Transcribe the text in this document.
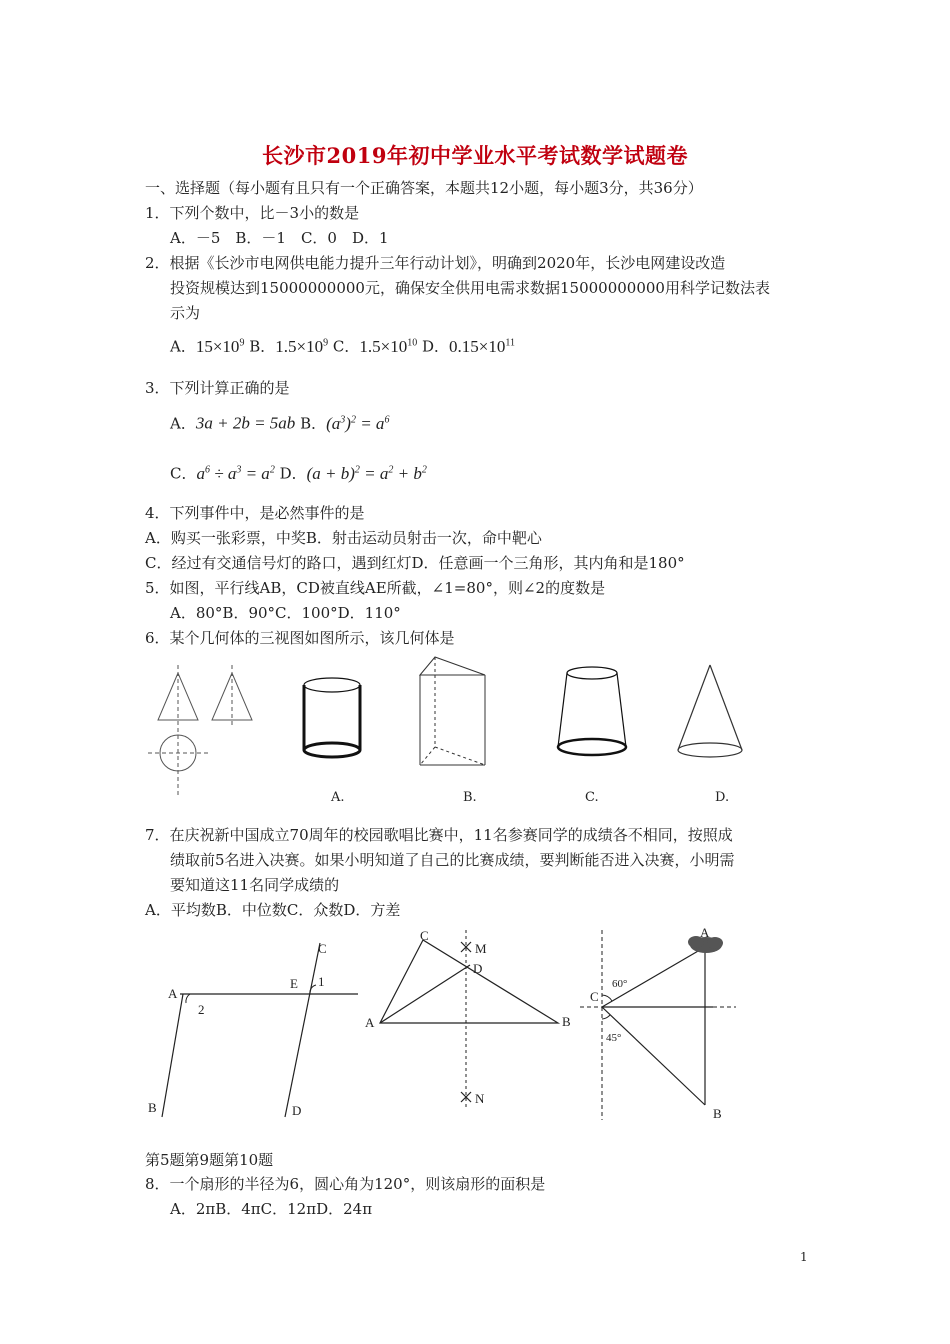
长沙市2019年初中学业水平考试数学试题卷
一、选择题（每小题有且只有一个正确答案，本题共12小题，每小题3分，共36分）
1．下列个数中，比－3小的数是
A．－5　B．－1　C．0　D．1
2．根据《长沙市电网供电能力提升三年行动计划》，明确到2020年，长沙电网建设改造
投资规模达到15000000000元，确保安全供用电需求数据15000000000用科学记数法表
示为
A．$15\times 10^9$ B．$1.5\times 10^9$ C．$1.5\times 10^{10}$ D．$0.15\times 10^{11}$
3．下列计算正确的是
A．3a + 2b = 5ab B．$(a^3)^2 = a^6$
C．$a^6 \div a^3 = a^2$ D．$(a + b)^2 = a^2 + b^2$
4．下列事件中，是必然事件的是
A．购买一张彩票，中奖B．射击运动员射击一次，命中靶心
C．经过有交通信号灯的路口，遇到红灯D．任意画一个三角形，其内角和是180°
5．如图，平行线AB，CD被直线AE所截，∠1=80°，则∠2的度数是
A．80°B．90°C．100°D．110°
6．某个几何体的三视图如图所示，该几何体是
A.	B.	C.	D.
7．在庆祝新中国成立70周年的校园歌唱比赛中，11名参赛同学的成绩各不相同，按照成
绩取前5名进入决赛。如果小明知道了自己的比赛成绩，要判断能否进入决赛，小明需
要知道这11名同学成绩的
A．平均数B．中位数C．众数D．方差
A
2
B
C
E 1
D
C
M
D
A	B
N
A
C
60°
45°
B
第5题第9题第10题
8．一个扇形的半径为6，圆心角为120°，则该扇形的面积是
A．2πB．4πC．12πD．24π
1
